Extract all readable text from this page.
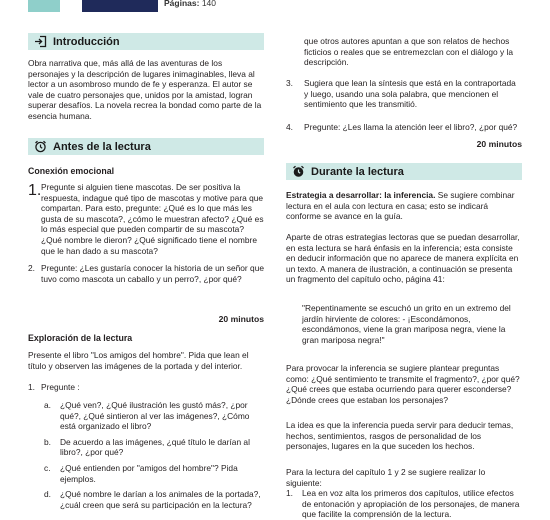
Páginas: 140
Introducción

Obra narrativa que, más allá de las aventuras de los personajes y la descripción de lugares inimaginables, lleva al lector a un asombroso mundo de fe y esperanza. El autor se vale de cuatro personajes que, unidos por la amistad, logran superar desafíos. La novela recrea la bondad como parte de la esencia humana.

Antes de la lectura
Conexión emocional
1. Pregunte si alguien tiene mascotas. De ser positiva la respuesta, indague qué tipo de mascotas y motive para que compartan. Para esto, pregunte: ¿Qué es lo que más les gusta de su mascota?, ¿cómo le muestran afecto? ¿Qué es lo más especial que pueden compartir de su mascota? ¿Qué nombre le dieron? ¿Qué significado tiene el nombre que le han dado a su mascota?
2. Pregunte: ¿Les gustaría conocer la historia de un señor que tuvo como mascota un caballo y un perro?, ¿por qué?
20 minutos
Exploración de la lectura

Presente el libro "Los amigos del hombre". Pida que lean el título y observen las imágenes de la portada y del interior.

1. Pregunte :
a.	¿Qué ven?, ¿Qué ilustración les gustó más?, ¿por qué?, ¿Qué sintieron al ver las imágenes?, ¿Cómo está organizado el libro?
b.	De acuerdo a las imágenes, ¿qué título le darían al libro?, ¿por qué?
c.	¿Qué entienden por "amigos del hombre"? Pida ejemplos.
d.	¿Qué nombre le darían a los animales de la portada?, ¿cuál creen que será su participación en la lectura?

que otros autores apuntan a que son relatos de hechos ficticios o reales que se entremezclan con el diálogo y la descripción.

3.	Sugiera que lean la síntesis que está en la contraportada y luego, usando una sola palabra, que mencionen el sentimiento que les transmitió.
4.	Pregunte: ¿Les llama la atención leer el libro?, ¿por qué?
20 minutos
Durante la lectura

Estrategia a desarrollar: la inferencia. Se sugiere combinar lectura en el aula con lectura en casa; esto se indicará conforme se avance en la guía.

Aparte de otras estrategias lectoras que se puedan desarrollar, en esta lectura se hará énfasis en la inferencia; esta consiste en deducir información que no aparece de manera explícita en un texto. A manera de ilustración, a continuación se presenta un fragmento del capítulo ocho, página 41:

"Repentinamente se escuchó un grito en un extremo del jardín hirviente de colores: - ¡Escondámonos, escondámonos, viene la gran mariposa negra, viene la gran mariposa negra!"

Para provocar la inferencia se sugiere plantear preguntas como: ¿Qué sentimiento te transmite el fragmento?, ¿por qué? ¿Qué crees que estaba ocurriendo para querer esconderse? ¿Dónde crees que estaban los personajes?

La idea es que la inferencia pueda servir para deducir temas, hechos, sentimientos, rasgos de personalidad de los personajes, lugares en la que suceden los hechos.

Para la lectura del capítulo 1 y 2 se sugiere realizar lo siguiente:

1.	Lea en voz alta los primeros dos capítulos, utilice efectos de entonación y apropiación de los personajes, de manera que facilite la comprensión de la lectura.
